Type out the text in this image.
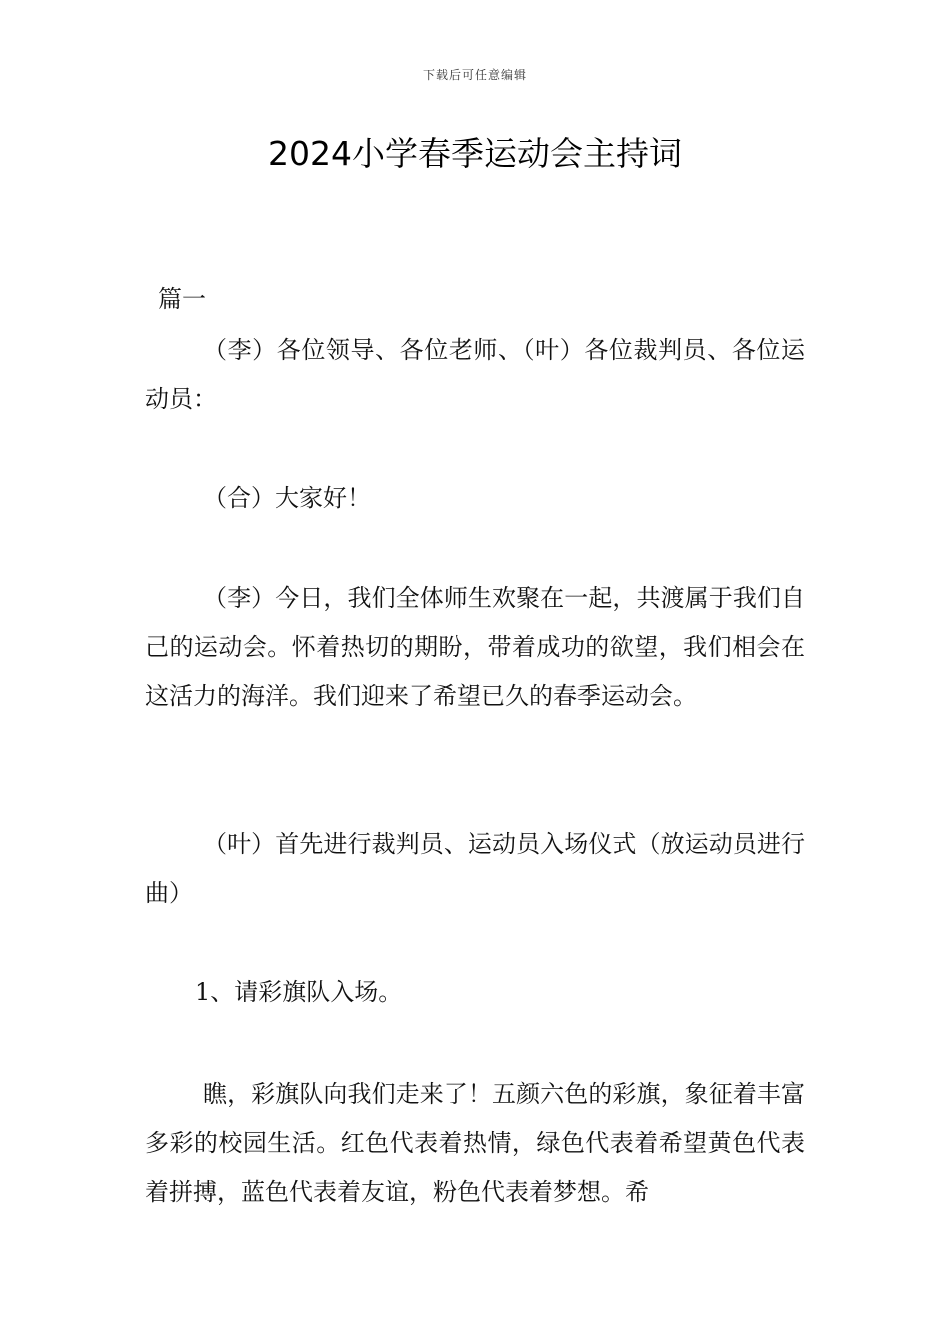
下载后可任意编辑
2024小学春季运动会主持词
篇一

（李）各位领导、各位老师、（叶）各位裁判员、各位运动员：

（合）大家好！

（李）今日，我们全体师生欢聚在一起，共渡属于我们自己的运动会。怀着热切的期盼，带着成功的欲望，我们相会在这活力的海洋。我们迎来了希望已久的春季运动会。

（叶）首先进行裁判员、运动员入场仪式（放运动员进行曲）

1、请彩旗队入场。

瞧，彩旗队向我们走来了！五颜六色的彩旗，象征着丰富多彩的校园生活。红色代表着热情，绿色代表着希望黄色代表着拼搏，蓝色代表着友谊，粉色代表着梦想。希
